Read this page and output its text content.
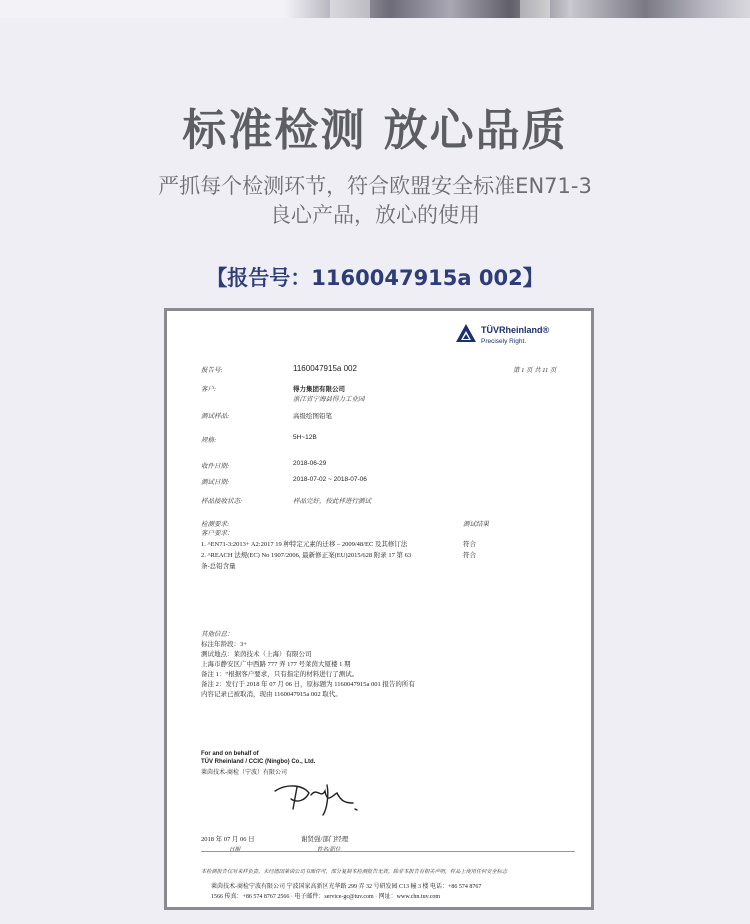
标准检测 放心品质
严抓每个检测环节，符合欧盟安全标准EN71-3
良心产品，放心的使用
【报告号：1160047915a 002】
TÜVRheinland®
Precisely Right.
报告号:	1160047915a 002	第 1 页 共 11 页
客户:	得力集团有限公司
浙江省宁海县得力工业园
测试样品:	高级绘图铅笔
规格:	5H~12B
收件日期:	2018-06-29
测试日期:	2018-07-02 ~ 2018-07-06
样品接收状态:	样品完好，按此样进行测试
检测要求:
客户要求：
测试结果
1. ^EN71-3:2013+ A2:2017 19 种特定元素的迁移 – 2009/48/EC 及其修订法	符合
2. ^REACH 法规(EC) No 1907/2006, 最新修正案(EU)2015/628 附录 17 第 63	符合
条-总铅含量
其他信息：
标注年龄段：3+
测试地点：莱茵技术（上海）有限公司
上海市静安区广中西路 777 弄 177 号莱茵大厦楼 1 期
备注 1：“根据客户要求，只有指定的材料进行了测试。
备注 2：发行于 2018 年 07 月 06 日，原标题为 1160047915a 001 报告的所有
内容记录已被取消，现由 1160047915a 002 取代。
For and on behalf of
TÜV Rheinland / CCIC (Ningbo) Co., Ltd.
莱茵技术-商检（宁波）有限公司
2018 年 07 月 06 日
日期
谢贤强/部门经理
姓名/职位
本检测报告仅对来样负责。未经德国莱茵公司书面许可，部分复制本检测报告无效。除非本报告有相关声明，样品上使用任何安全标志
莱茵技术-商检宁波有限公司 宁波国家高新区光华路 299 弄 32 号研发园 C13 幢 3 楼 电话：+86 574 8767
1566 传真：+86 574 8767 2566 · 电子邮件：service-gc@tuv.com · 网址：www.chn.tuv.com
